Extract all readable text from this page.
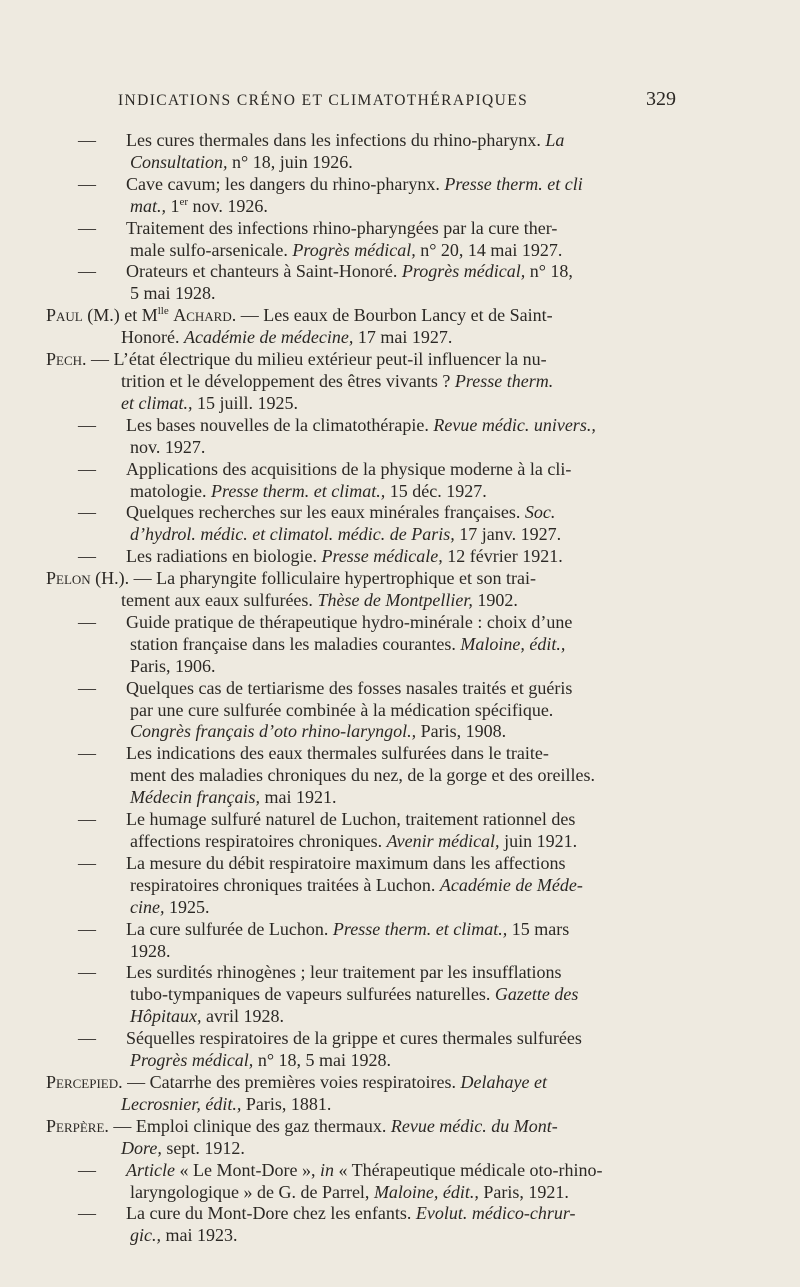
INDICATIONS CRÉNO ET CLIMATOTHÉRAPIQUES	329
— Les cures thermales dans les infections du rhino-pharynx. La
Consultation, n° 18, juin 1926.
— Cave cavum; les dangers du rhino-pharynx. Presse therm. et cli
mat., 1er nov. 1926.
— Traitement des infections rhino-pharyngées par la cure ther-
male sulfo-arsenicale. Progrès médical, n° 20, 14 mai 1927.
— Orateurs et chanteurs à Saint-Honoré. Progrès médical, n° 18,
5 mai 1928.
Paul (M.) et $M^{lle}$ Achard. — Les eaux de Bourbon Lancy et de Saint-
Honoré. Académie de médecine, 17 mai 1927.
Pech. — L’état électrique du milieu extérieur peut-il influencer la nu-
trition et le développement des êtres vivants ? Presse therm.
et climat., 15 juill. 1925.
— Les bases nouvelles de la climatothérapie. Revue médic. univers.,
nov. 1927.
— Applications des acquisitions de la physique moderne à la cli-
matologie. Presse therm. et climat., 15 déc. 1927.
— Quelques recherches sur les eaux minérales françaises. Soc.
d’hydrol. médic. et climatol. médic. de Paris, 17 janv. 1927.
— Les radiations en biologie. Presse médicale, 12 février 1921.
Pelon (H.). — La pharyngite folliculaire hypertrophique et son trai-
tement aux eaux sulfurées. Thèse de Montpellier, 1902.
— Guide pratique de thérapeutique hydro-minérale : choix d’une
station française dans les maladies courantes. Maloine, édit.,
Paris, 1906.
— Quelques cas de tertiarisme des fosses nasales traités et guéris
par une cure sulfurée combinée à la médication spécifique.
Congrès français d’oto rhino-laryngol., Paris, 1908.
— Les indications des eaux thermales sulfurées dans le traite-
ment des maladies chroniques du nez, de la gorge et des oreilles.
Médecin français, mai 1921.
— Le humage sulfuré naturel de Luchon, traitement rationnel des
affections respiratoires chroniques. Avenir médical, juin 1921.
— La mesure du débit respiratoire maximum dans les affections
respiratoires chroniques traitées à Luchon. Académie de Méde-
cine, 1925.
— La cure sulfurée de Luchon. Presse therm. et climat., 15 mars
1928.
— Les surdités rhinogènes ; leur traitement par les insufflations
tubo-tympaniques de vapeurs sulfurées naturelles. Gazette des
Hôpitaux, avril 1928.
— Séquelles respiratoires de la grippe et cures thermales sulfurées
Progrès médical, n° 18, 5 mai 1928.
Percepied. — Catarrhe des premières voies respiratoires. Delahaye et
Lecrosnier, édit., Paris, 1881.
Perpère. — Emploi clinique des gaz thermaux. Revue médic. du Mont-
Dore, sept. 1912.
— Article « Le Mont-Dore », in « Thérapeutique médicale oto-rhino-
laryngologique » de G. de Parrel, Maloine, édit., Paris, 1921.
— La cure du Mont-Dore chez les enfants. Evolut. médico-chrur-
gic., mai 1923.
